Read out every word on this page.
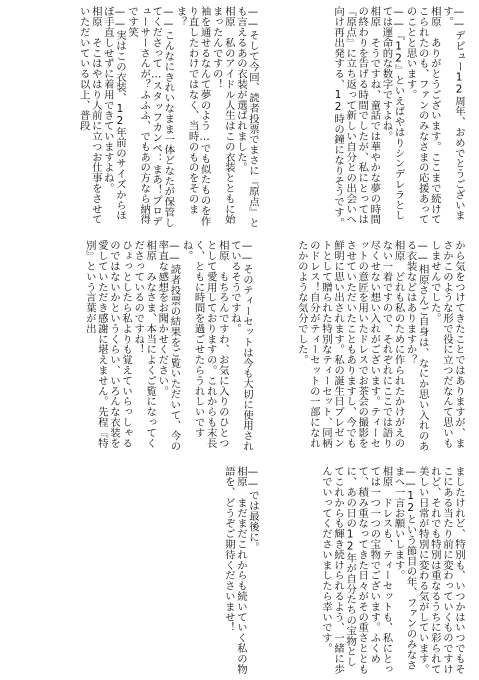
——デビュー12周年、おめでとうございます。
相原　ありがとうございます。ここまで続けてこられたのも、ファンのみなさまの応援あってのことと思います。
——『12』といえばやはりシンデレラとしては運命的な数字ですよね。
相原　そうですね、童話では華やかな夢の時間の終わりを告げる時間でしたが、私にとっては『原点』に立ち返って新しい自分との出会いへ向け再出発する、12時の鐘になりそうです。
——そして今回、読者投票でまさに『原点』とも言えるあの衣装が選ばれました。
相原　私のアイドル人生はこの衣装とともに始まったんですの！
袖を通せるなんて夢のよう…でも似たものを作り直したわけではなく、当時のものをそのまま？
——こんなにきれいなまま一体どなたが保管してくださって…スタッフカンペ：まあ！プロデューサーさんが？ふふふ、でもあの方なら納得です笑
——実はこの衣装、12年前のサイズからほぼ手直しせずに着用できていますよね。
相原　そこはやはり人前に立つお仕事をさせていただいている以上、普段
から気をつけてきたことではありますが、まさかこのような形で役に立つだなんて思いもしませんでした。
——相原さんご自身は、なにか思い入れのある衣装などはありますか？
相原　どれも私のために作られたかけがえのない一着ですので、それぞれにここでは語り尽くせない想い入れがございます。ティーセットの意匠を用いたドレスでお茶会の撮影をさせていただいたこともありますし、今でも鮮明に思い出されます。私の誕生日プレゼントとして贈られた特別なティーセット、同柄のドレス！自分がティーセットの一部になれたかのような気分でした。
——そのティーセットは今も大切に使用されているそうですね。
相原　もちろんですわ、お気に入りのひとつとして愛用しておりますの。これからも末長く、ともに時間を過ごせたらうれしいですね。
——読者投票の結果をご覧いただいて、今の率直な感想をお聞かせください。
相原　みなさま、本当によくご覧になってくださっているのですね！
ひょっとしたら私よりも覚えていらっしゃるのではないかというくらい、いろんな衣装を愛していただき感謝に堪えません。先程『特別』という言葉が出
ましたけれど、特別も、いつかはいつでもそこにある当たり前に変わっていくものですけれど、それでも特別は重なるうちに彩られて美しい日常が特別に変わる気がしています。
——12という節目の年、ファンのみなさまへ一言お願いします。
相原　ドレスも、ティーセットも、私にとっては一つ一つの宝物でございます。ふくめて、積み重なってきた日々がその重さとともに、あの日の12年が自分たちの宝物としてこれからも輝き続けられるよう、一緒に歩んでいってくださいましたら幸いです。
——では最後に。
相原　まだまだこれからも続いていく私の物語を、どうぞご期待くださいませ！
